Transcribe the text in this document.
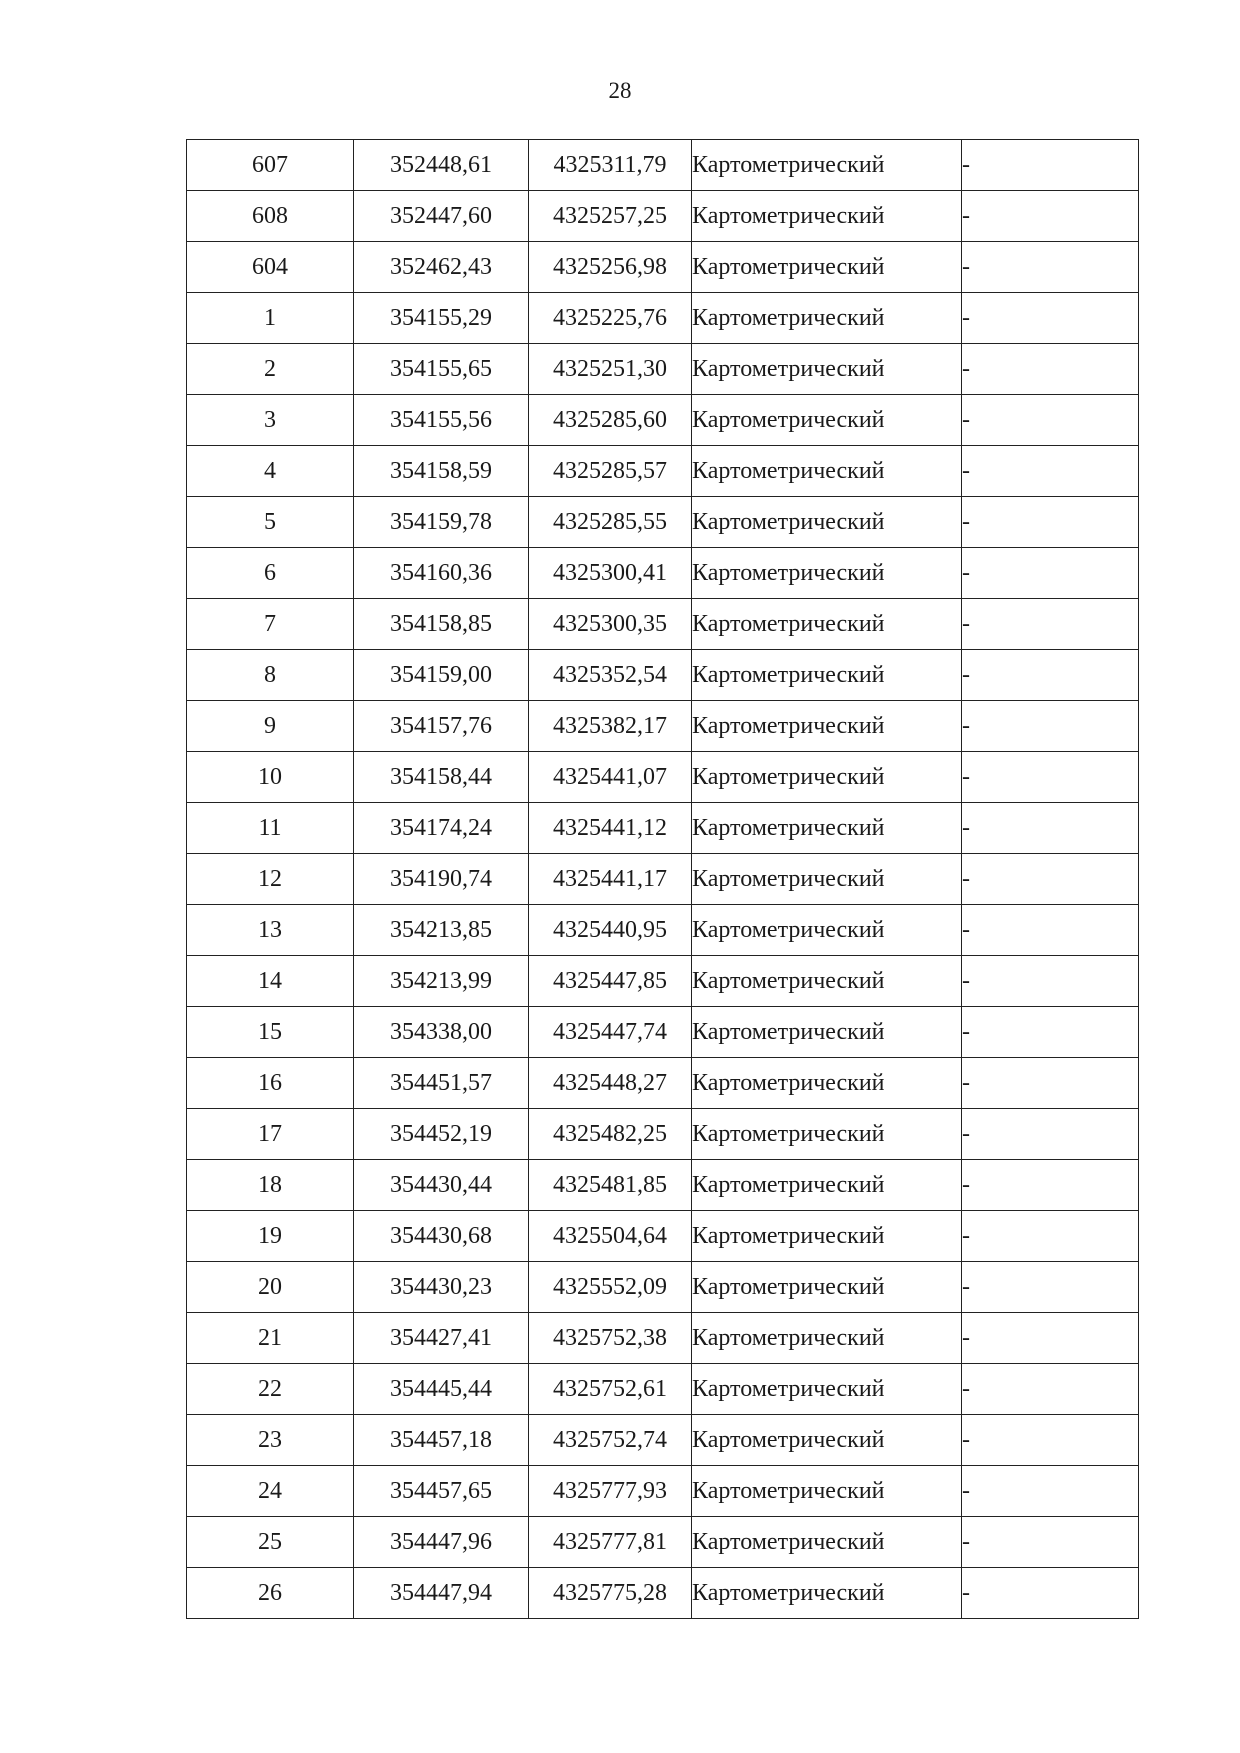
28
607	352448,61	4325311,79	Картометрический	-
608	352447,60	4325257,25	Картометрический	-
604	352462,43	4325256,98	Картометрический	-
1	354155,29	4325225,76	Картометрический	-
2	354155,65	4325251,30	Картометрический	-
3	354155,56	4325285,60	Картометрический	-
4	354158,59	4325285,57	Картометрический	-
5	354159,78	4325285,55	Картометрический	-
6	354160,36	4325300,41	Картометрический	-
7	354158,85	4325300,35	Картометрический	-
8	354159,00	4325352,54	Картометрический	-
9	354157,76	4325382,17	Картометрический	-
10	354158,44	4325441,07	Картометрический	-
11	354174,24	4325441,12	Картометрический	-
12	354190,74	4325441,17	Картометрический	-
13	354213,85	4325440,95	Картометрический	-
14	354213,99	4325447,85	Картометрический	-
15	354338,00	4325447,74	Картометрический	-
16	354451,57	4325448,27	Картометрический	-
17	354452,19	4325482,25	Картометрический	-
18	354430,44	4325481,85	Картометрический	-
19	354430,68	4325504,64	Картометрический	-
20	354430,23	4325552,09	Картометрический	-
21	354427,41	4325752,38	Картометрический	-
22	354445,44	4325752,61	Картометрический	-
23	354457,18	4325752,74	Картометрический	-
24	354457,65	4325777,93	Картометрический	-
25	354447,96	4325777,81	Картометрический	-
26	354447,94	4325775,28	Картометрический	-
